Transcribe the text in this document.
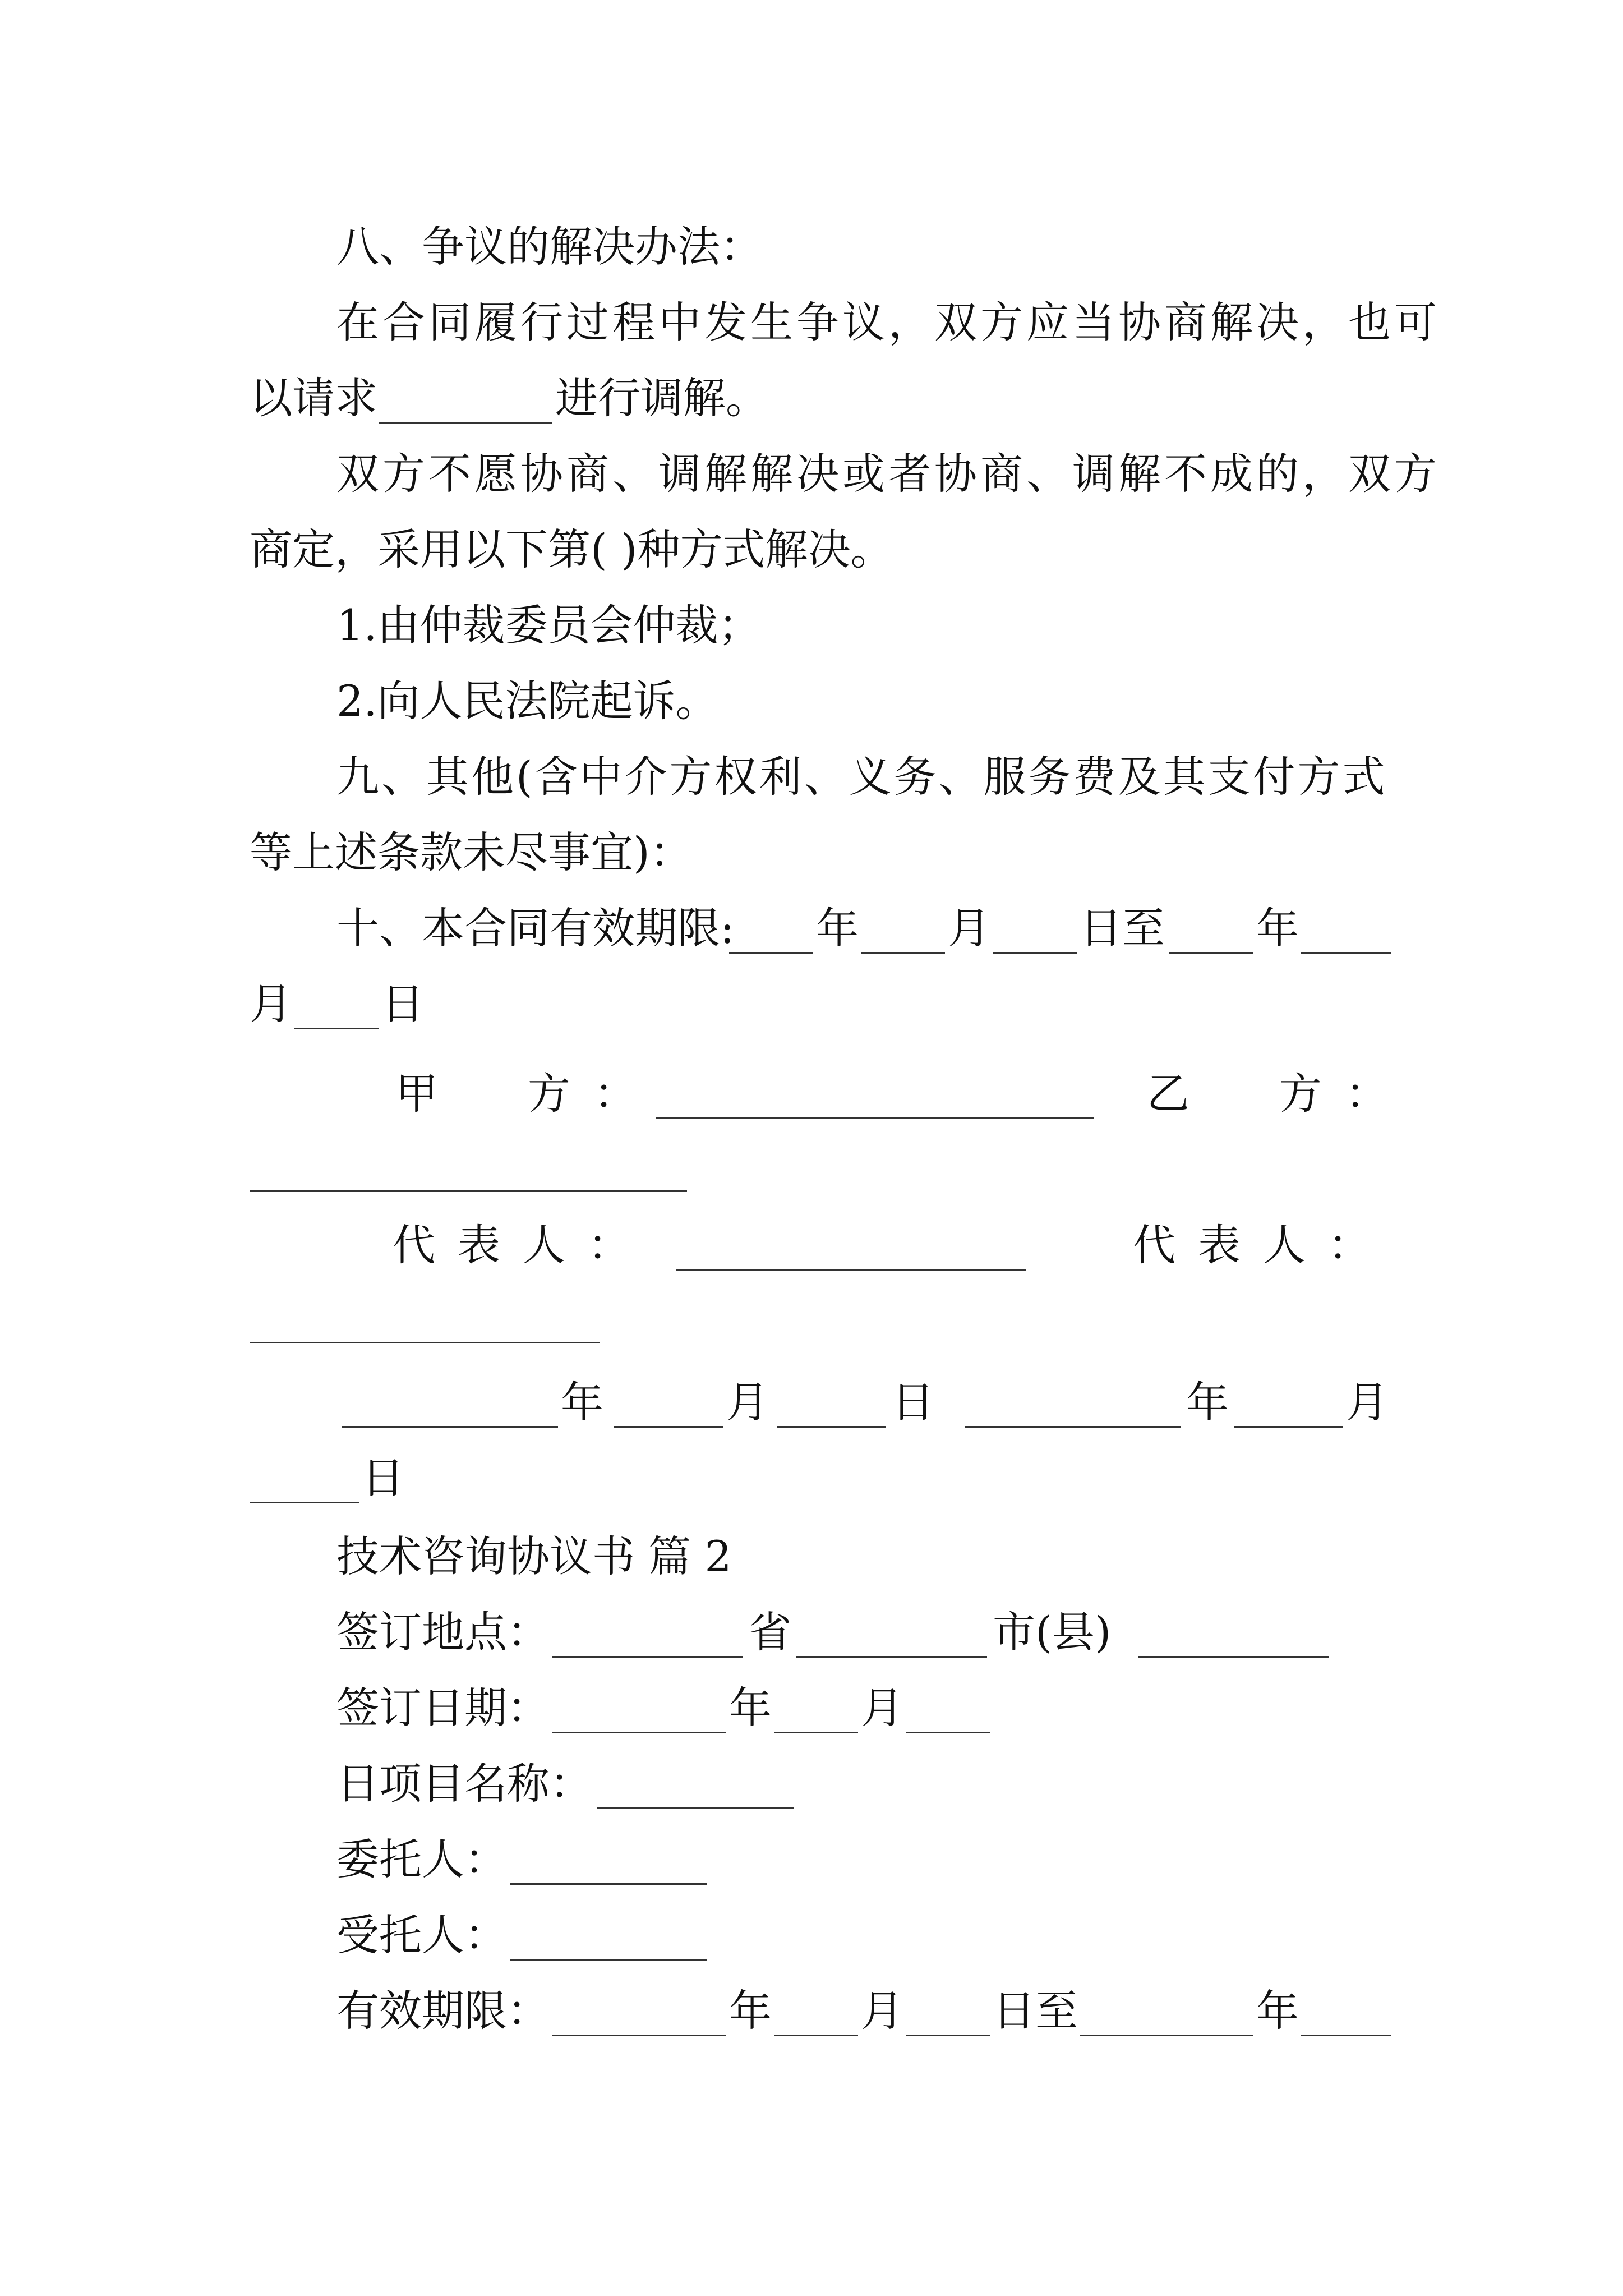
八、争议的解决办法：
在合同履行过程中发生争议，双方应当协商解决，也可
以请求	进行调解。
双方不愿协商、调解解决或者协商、调解不成的，双方
商定，采用以下第( )种方式解决。
1.由仲裁委员会仲裁；
2.向人民法院起诉。
九、其他(含中介方权利、义务、服务费及其支付方式
等上述条款未尽事宜)：
十、本合同有效期限: 年 月 日至 年
月 日
甲　方：	乙　方：
代表人：	代表人：
年	月	日	年	月
日
技术咨询协议书 篇 2
签订地点：	省	市(县)
签订日期：	年 月
日项目名称：
委托人：
受托人：
有效期限：	年 月 日至	年
